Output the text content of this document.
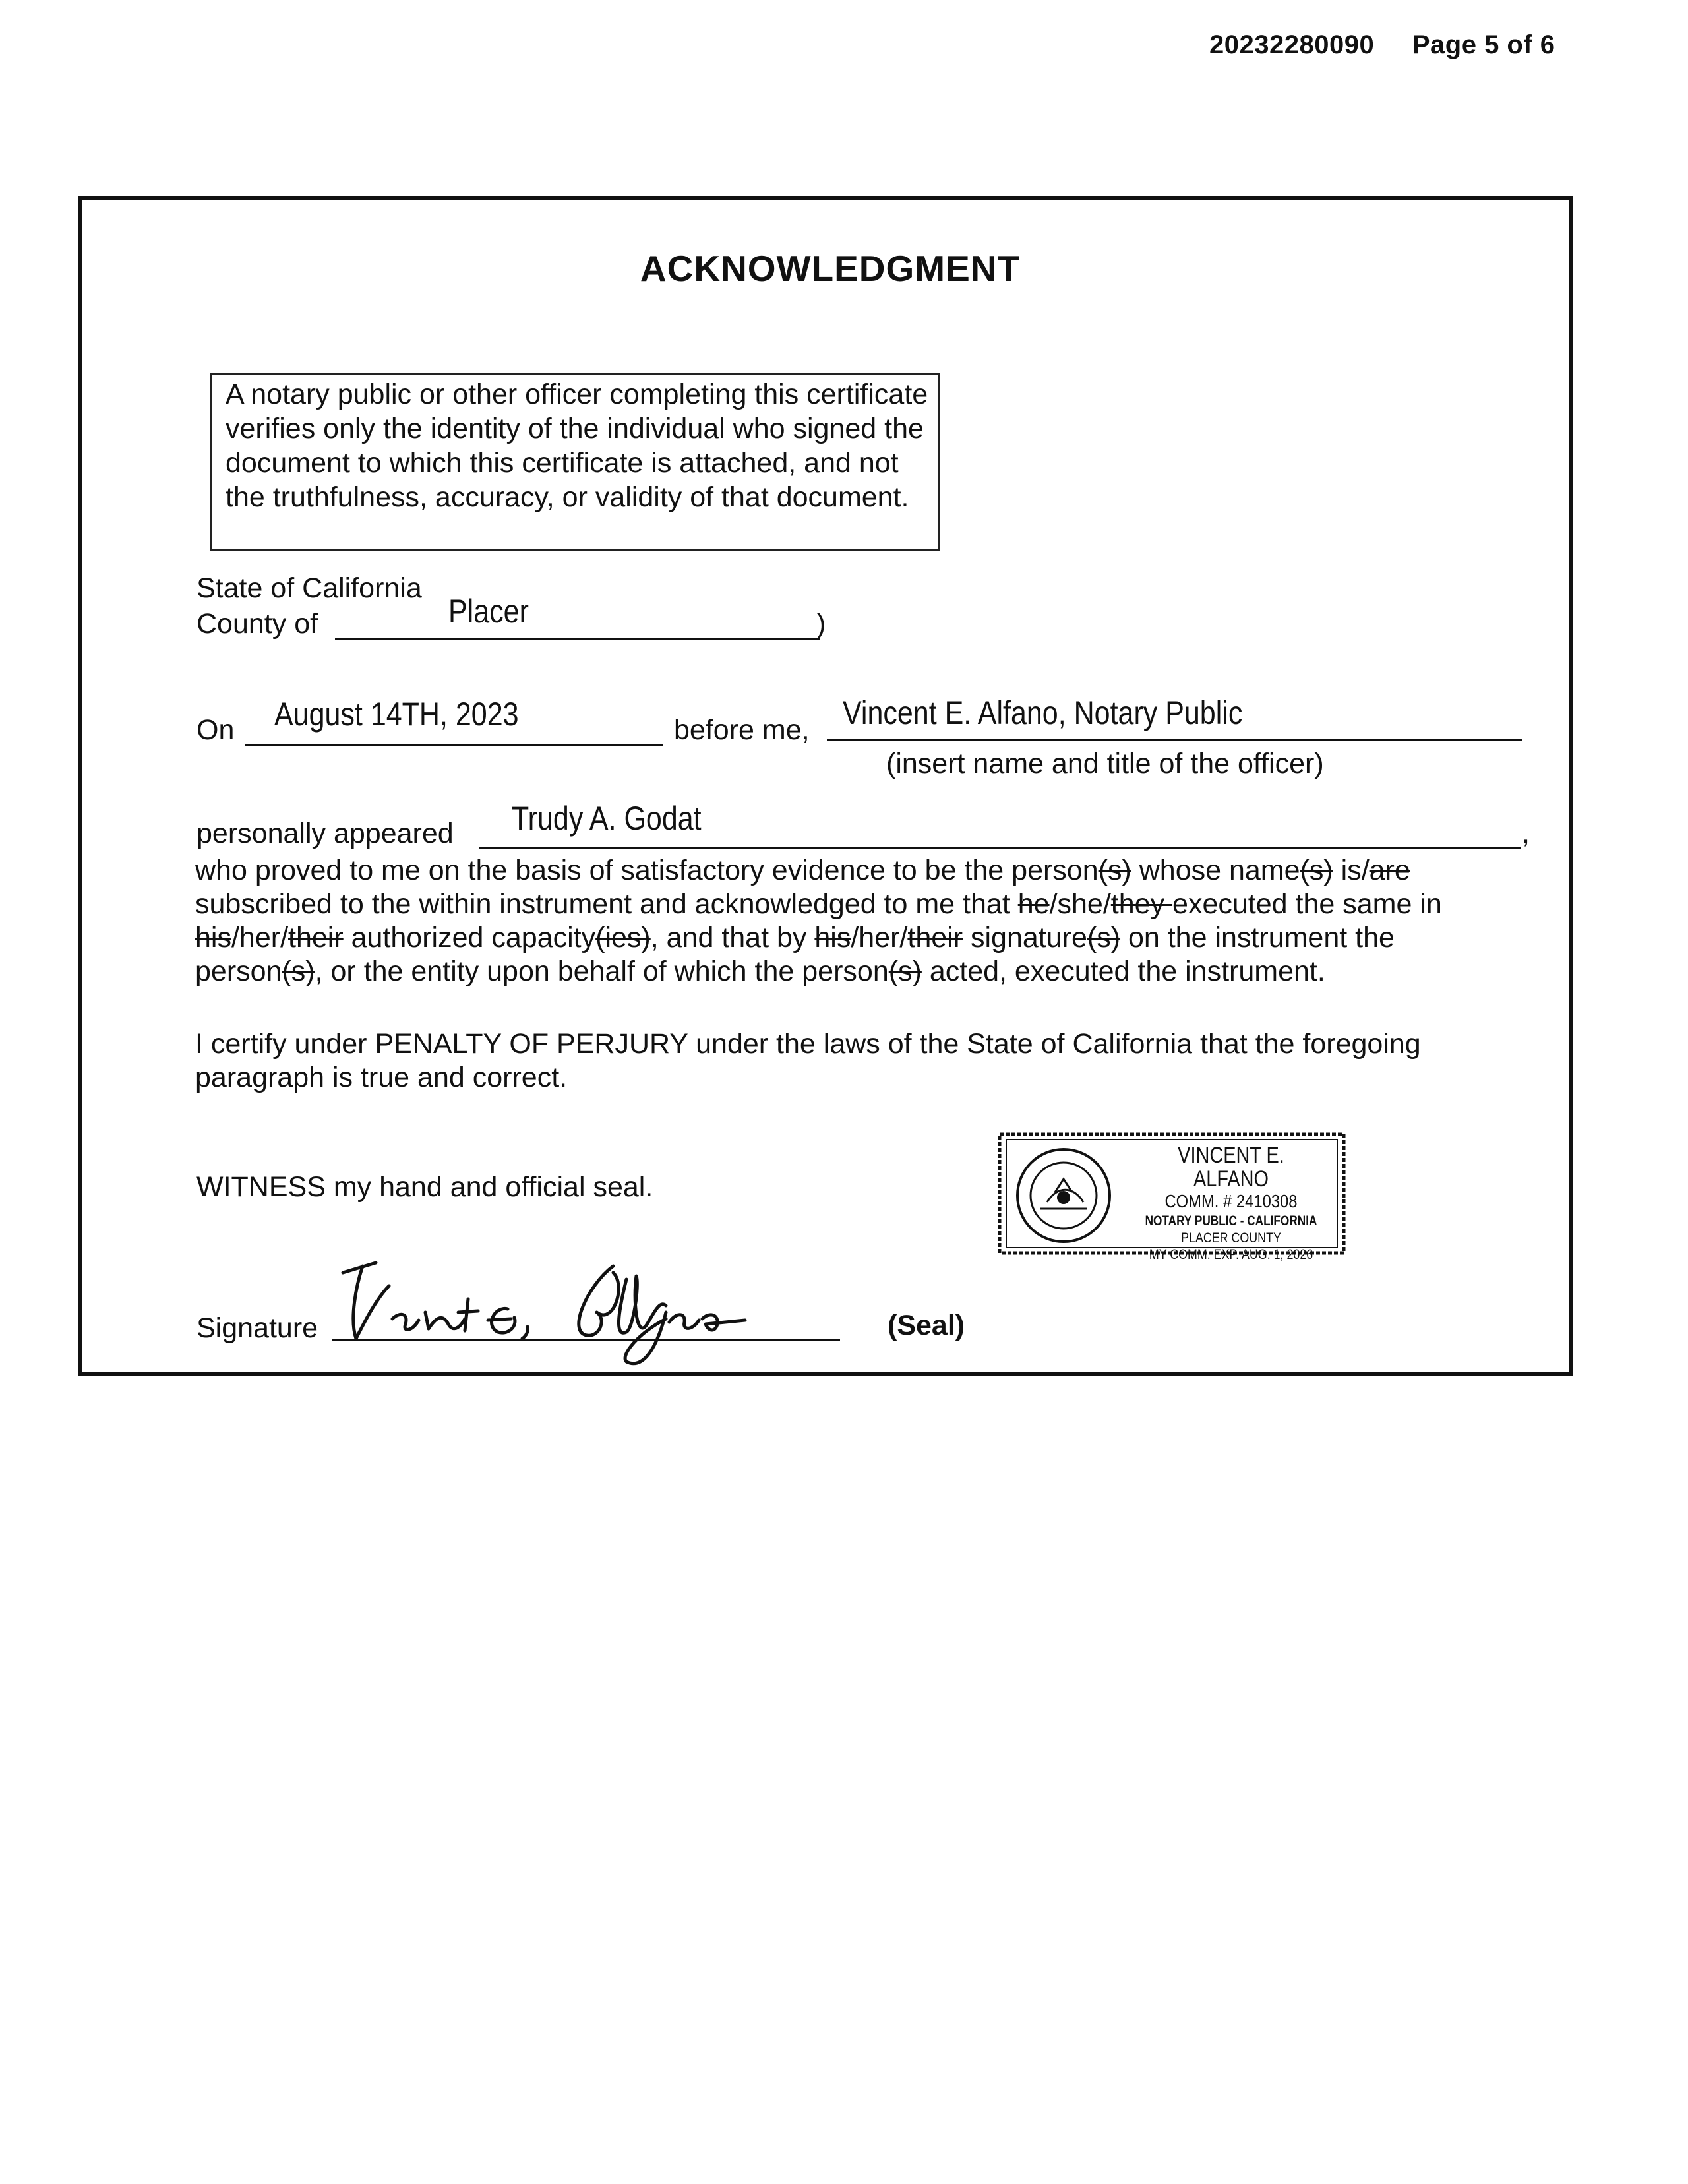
20232280090 Page 5 of 6
ACKNOWLEDGMENT
A notary public or other officer completing this certificate verifies only the identity of the individual who signed the document to which this certificate is attached, and not the truthfulness, accuracy, or validity of that document.
State of California
County of	Placer	)
On August 14TH, 2023	before me, Vincent E. Alfano, Notary Public
(insert name and title of the officer)
personally appeared Trudy A. Godat	,

who proved to me on the basis of satisfactory evidence to be the person(s) whose name(s) is/are

subscribed to the within instrument and acknowledged to me that he/she/they executed the same in

his/her/their authorized capacity(ies), and that by his/her/their signature(s) on the instrument the

person(s), or the entity upon behalf of which the person(s) acted, executed the instrument.

I certify under PENALTY OF PERJURY under the laws of the State of California that the foregoing paragraph is true and correct.
WITNESS my hand and official seal.
Signature	(Seal)
VINCENT E. ALFANO
COMM. # 2410308
NOTARY PUBLIC - CALIFORNIA
PLACER COUNTY
MY COMM. EXP. AUG. 1, 2026
